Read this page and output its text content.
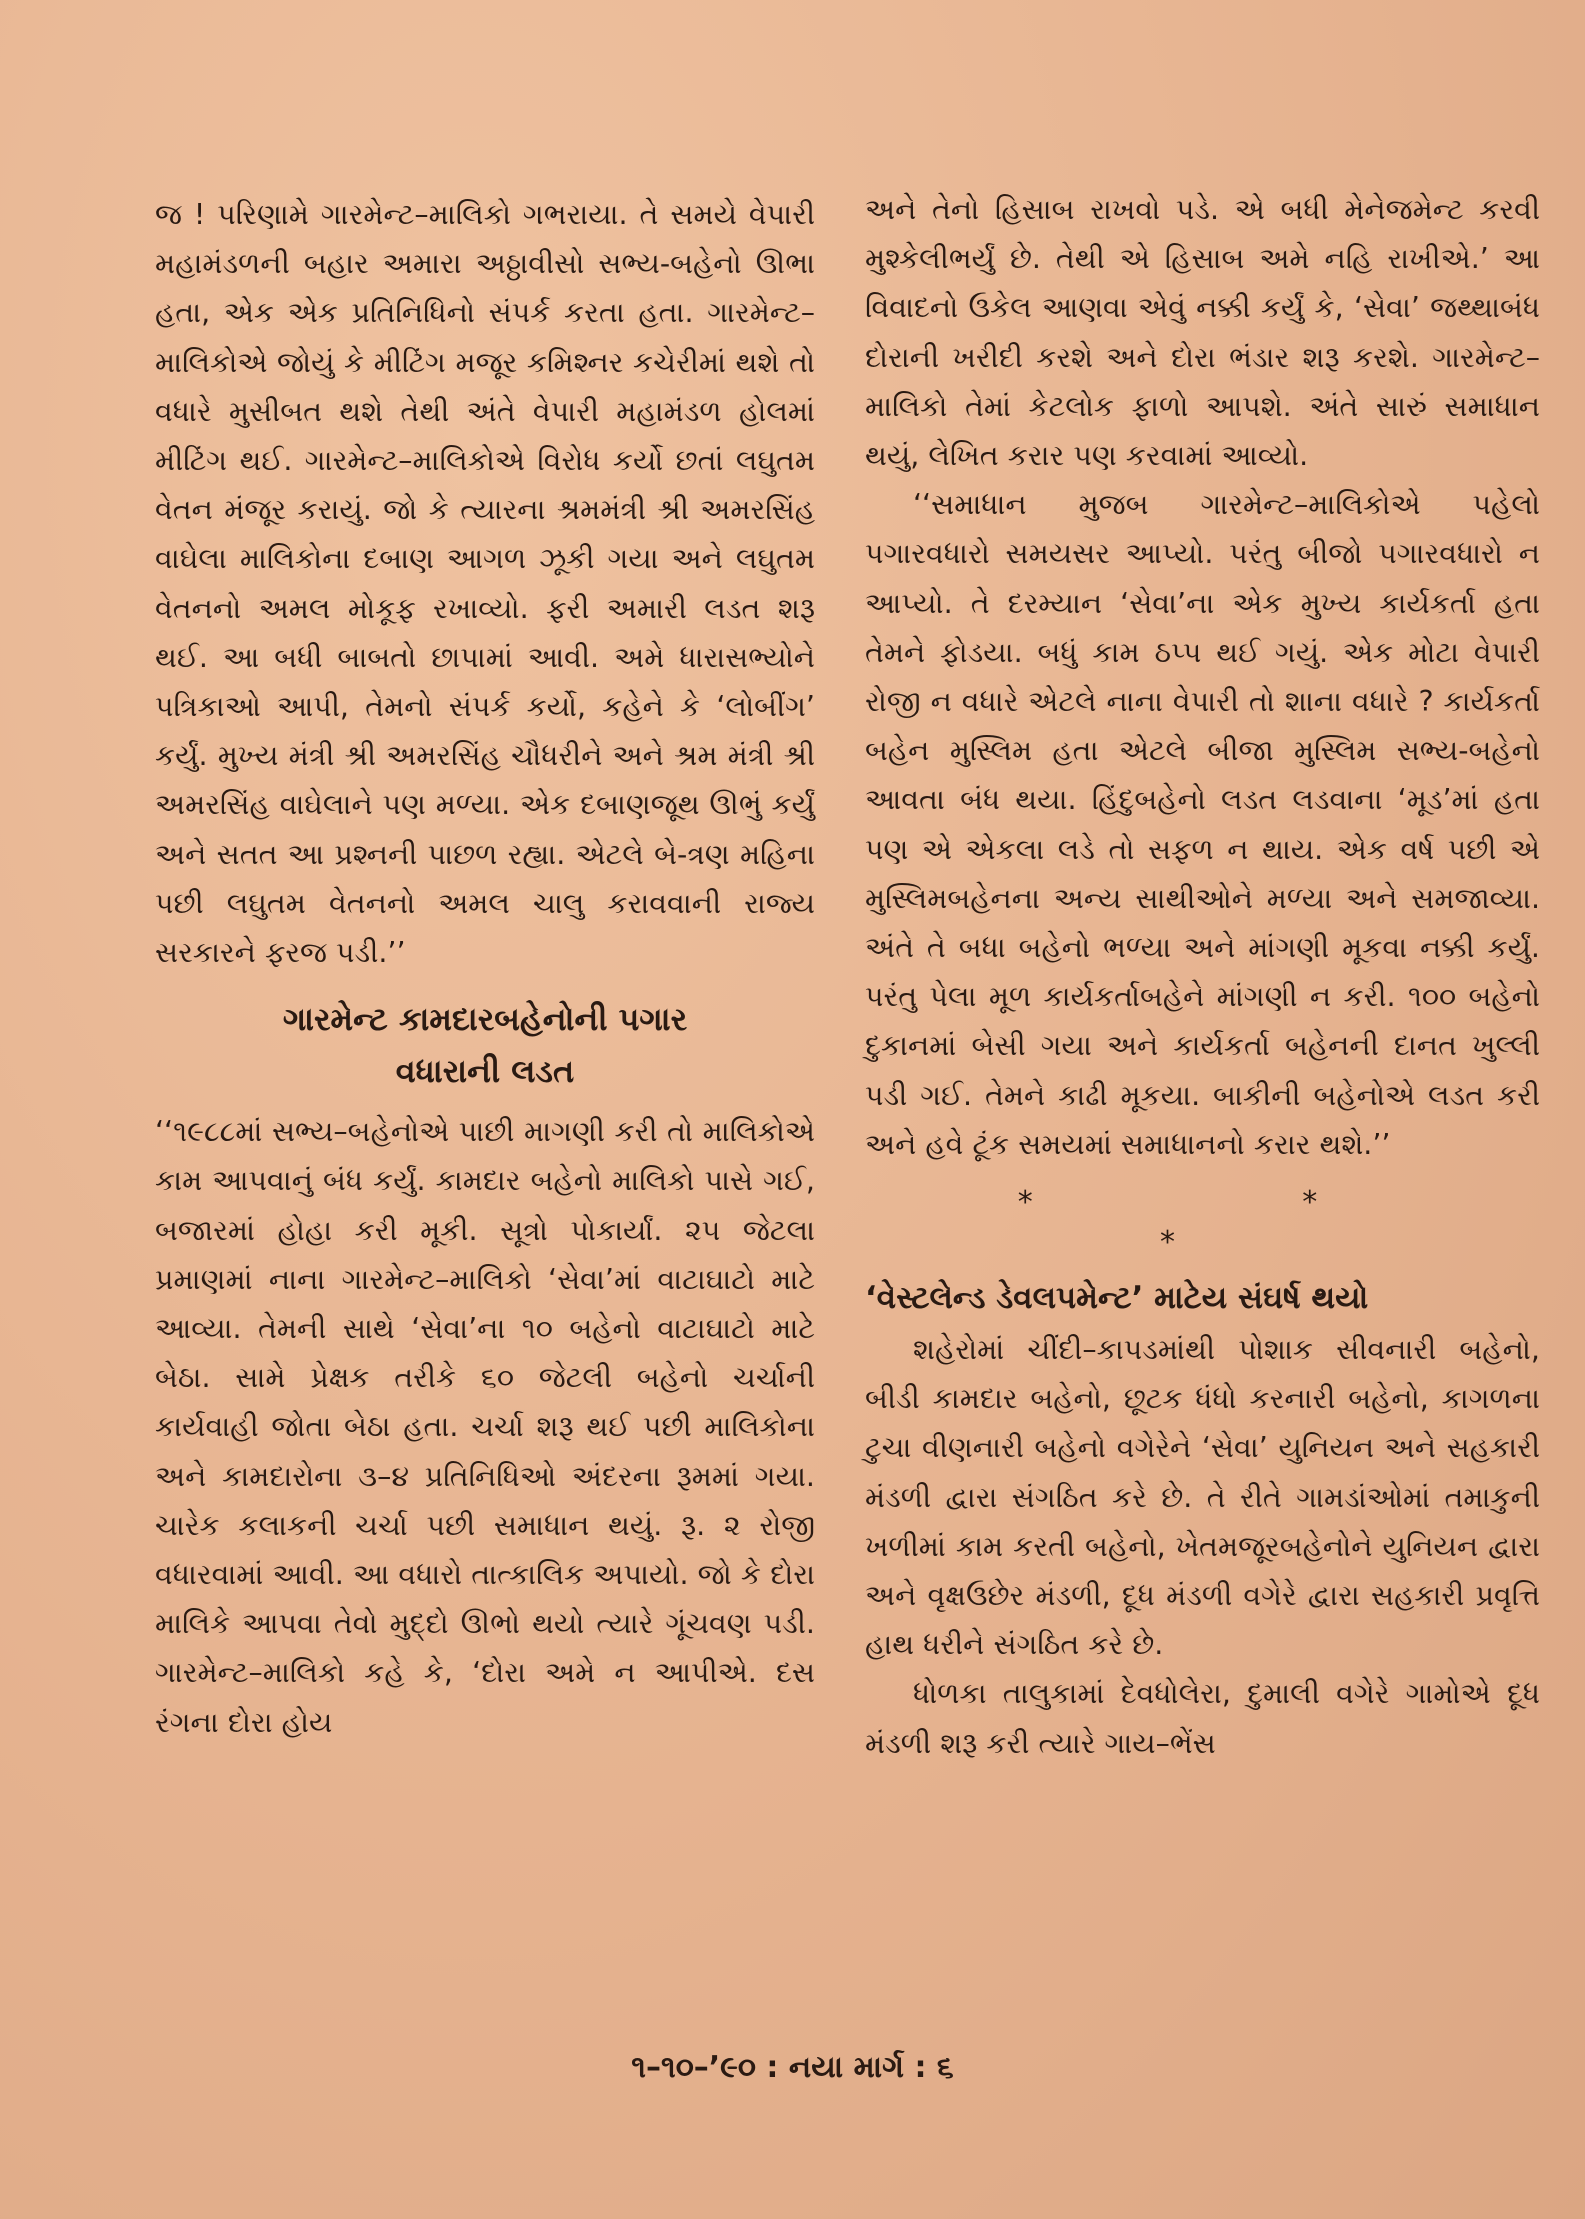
જ ! પરિણામે ગારમેન્ટ–માલિકો ગભરાયા. તે સમયે વેપારી મહામંડળની બહાર અમારા અઠ્ઠાવીસો સભ્ય-બહેનો ઊભા હતા, એક એક પ્રતિનિધિનો સંપર્ક કરતા હતા. ગારમેન્ટ–માલિકોએ જોયું કે મીટિંગ મજૂર કમિશ્નર કચેરીમાં થશે તો વધારે મુસીબત થશે તેથી અંતે વેપારી મહામંડળ હોલમાં મીટિંગ થઈ. ગારમેન્ટ–માલિકોએ વિરોધ કર્યો છતાં લઘુતમ વેતન મંજૂર કરાયું. જો કે ત્યારના શ્રમમંત્રી શ્રી અમરસિંહ વાઘેલા માલિકોના દબાણ આગળ ઝૂકી ગયા અને લઘુતમ વેતનનો અમલ મોકૂફ રખાવ્યો. ફરી અમારી લડત શરૂ થઈ. આ બધી બાબતો છાપામાં આવી. અમે ધારાસભ્યોને પત્રિકાઓ આપી, તેમનો સંપર્ક કર્યો, કહેને કે ‘લોબીંગ’ કર્યું. મુખ્ય મંત્રી શ્રી અમરસિંહ ચૌધરીને અને શ્રમ મંત્રી શ્રી અમરસિંહ વાઘેલાને પણ મળ્યા. એક દબાણજૂથ ઊભું કર્યું અને સતત આ પ્રશ્નની પાછળ રહ્યા. એટલે બે-ત્રણ મહિના પછી લઘુતમ વેતનનો અમલ ચાલુ કરાવવાની રાજ્ય સરકારને ફરજ પડી.’’

ગારમેન્ટ કામદારબહેનોની પગાર
વધારાની લડત

‘‘૧૯૮૮માં સભ્ય–બહેનોએ પાછી માગણી કરી તો માલિકોએ કામ આપવાનું બંધ કર્યું. કામદાર બહેનો માલિકો પાસે ગઈ, બજારમાં હોહા કરી મૂકી. સૂત્રો પોકાર્યાં. ૨૫ જેટલા પ્રમાણમાં નાના ગારમેન્ટ–માલિકો ‘સેવા’માં વાટાઘાટો માટે આવ્યા. તેમની સાથે ‘સેવા’ના ૧૦ બહેનો વાટાઘાટો માટે બેઠા. સામે પ્રેક્ષક તરીકે ૬૦ જેટલી બહેનો ચર્ચાની કાર્યવાહી જોતા બેઠા હતા. ચર્ચા શરૂ થઈ પછી માલિકોના અને કામદારોના ૩–૪ પ્રતિનિધિઓ અંદરના રૂમમાં ગયા. ચારેક કલાકની ચર્ચા પછી સમાધાન થયું. રૂ. ૨ રોજી વધારવામાં આવી. આ વધારો તાત્કાલિક અપાયો. જો કે દોરા માલિકે આપવા તેવો મુદ્દો ઊભો થયો ત્યારે ગૂંચવણ પડી. ગારમેન્ટ–માલિકો કહે કે, ‘દોરા અમે ન આપીએ. દસ રંગના દોરા હોય

અને તેનો હિસાબ રાખવો પડે. એ બધી મેનેજમેન્ટ કરવી મુશ્કેલીભર્યું છે. તેથી એ હિસાબ અમે નહિ રાખીએ.’ આ વિવાદનો ઉકેલ આણવા એવું નક્કી કર્યું કે, ‘સેવા’ જથ્થાબંધ દોરાની ખરીદી કરશે અને દોરા ભંડાર શરૂ કરશે. ગારમેન્ટ–માલિકો તેમાં કેટલોક ફાળો આપશે. અંતે સારું સમાધાન થયું, લેખિત કરાર પણ કરવામાં આવ્યો.

‘‘સમાધાન મુજબ ગારમેન્ટ–માલિકોએ પહેલો પગારવધારો સમયસર આપ્યો. પરંતુ બીજો પગારવધારો ન આપ્યો. તે દરમ્યાન ‘સેવા’ના એક મુખ્ય કાર્યકર્તા હતા તેમને ફોડયા. બધું કામ ઠપ્પ થઈ ગયું. એક મોટા વેપારી રોજી ન વધારે એટલે નાના વેપારી તો શાના વધારે ? કાર્યકર્તા બહેન મુસ્લિમ હતા એટલે બીજા મુસ્લિમ સભ્ય-બહેનો આવતા બંધ થયા. હિંદુબહેનો લડત લડવાના ‘મૂડ’માં હતા પણ એ એકલા લડે તો સફળ ન થાય. એક વર્ષ પછી એ મુસ્લિમબહેનના અન્ય સાથીઓને મળ્યા અને સમજાવ્યા. અંતે તે બધા બહેનો ભળ્યા અને માંગણી મૂકવા નક્કી કર્યું. પરંતુ પેલા મૂળ કાર્યકર્તાબહેને માંગણી ન કરી. ૧૦૦ બહેનો દુકાનમાં બેસી ગયા અને કાર્યકર્તા બહેનની દાનત ખુલ્લી પડી ગઈ. તેમને કાઢી મૂકયા. બાકીની બહેનોએ લડત કરી અને હવે ટૂંક સમયમાં સમાધાનનો કરાર થશે.’’

* * *
‘વેસ્ટલેન્ડ ડેવલપમેન્ટ’ માટેય સંઘર્ષ થયો

શહેરોમાં ચીંદી–કાપડમાંથી પોશાક સીવનારી બહેનો, બીડી કામદાર બહેનો, છૂટક ધંધો કરનારી બહેનો, કાગળના ટુચા વીણનારી બહેનો વગેરેને ‘સેવા’ યુનિયન અને સહકારી મંડળી દ્વારા સંગઠિત કરે છે. તે રીતે ગામડાંઓમાં તમાકુની ખળીમાં કામ કરતી બહેનો, ખેતમજૂરબહેનોને યુનિયન દ્વારા અને વૃક્ષઉછેર મંડળી, દૂધ મંડળી વગેરે દ્વારા સહકારી પ્રવૃત્તિ હાથ ધરીને સંગઠિત કરે છે.

ધોળકા તાલુકામાં દેવધોલેરા, દુમાલી વગેરે ગામોએ દૂધ મંડળી શરૂ કરી ત્યારે ગાય–ભેંસ

૧–૧૦–’૯૦ : નયા માર્ગ : ૬
